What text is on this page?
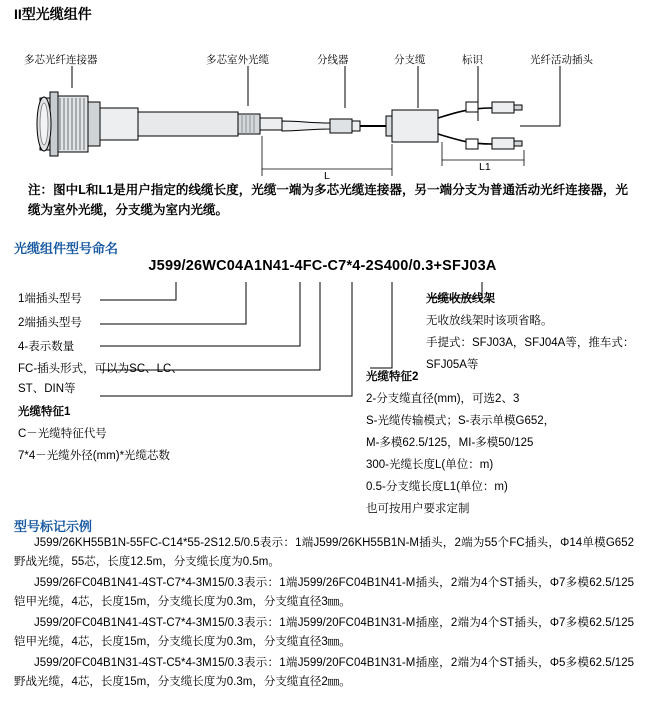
II型光缆组件
多芯光纤连接器	多芯室外光缆	分线器	分支缆	标识	光纤活动插头
L
L1
注：图中L和L1是用户指定的线缆长度，光缆一端为多芯光缆连接器，另一端分支为普通活动光纤连接器，光缆为室外光缆，分支缆为室内光缆。
光缆组件型号命名
J599/26WC04A1N41-4FC-C7*4-2S400/0.3+SFJ03A
1端插头型号
2端插头型号
4-表示数量
FC-插头形式，可以为SC、LC、
ST、DIN等
光缆特征1
C－光缆特征代号
7*4－光缆外径(mm)*光缆芯数
光缆特征2
2-分支缆直径(mm)，可选2、3
S-光缆传输模式；S-表示单模G652，
M-多模62.5/125，MI-多模50/125
300-光缆长度L(单位：m)
0.5-分支缆长度L1(单位：m)
也可按用户要求定制
光缆收放线架
无收放线架时该项省略。
手提式：SFJ03A，SFJ04A等，推车式：
SFJ05A等
型号标记示例

J599/26KH55B1N-55FC-C14*55-2S12.5/0.5表示：1端J599/26KH55B1N-M插头，2端为55个FC插头，Φ14单模G652野战光缆，55芯，长度12.5m，分支缆长度为0.5m。

J599/26FC04B1N41-4ST-C7*4-3M15/0.3表示：1端J599/26FC04B1N41-M插头，2端为4个ST插头，Φ7多模62.5/125铠甲光缆，4芯，长度15m，分支缆长度为0.3m，分支缆直径3㎜。

J599/20FC04B1N41-4ST-C7*4-3M15/0.3表示：1端J599/20FC04B1N31-M插座，2端为4个ST插头，Φ7多模62.5/125铠甲光缆，4芯，长度15m，分支缆长度为0.3m，分支缆直径3㎜。

J599/20FC04B1N31-4ST-C5*4-3M15/0.3表示：1端J599/20FC04B1N31-M插座，2端为4个ST插头，Φ5多模62.5/125野战光缆，4芯，长度15m，分支缆长度为0.3m，分支缆直径2㎜。
